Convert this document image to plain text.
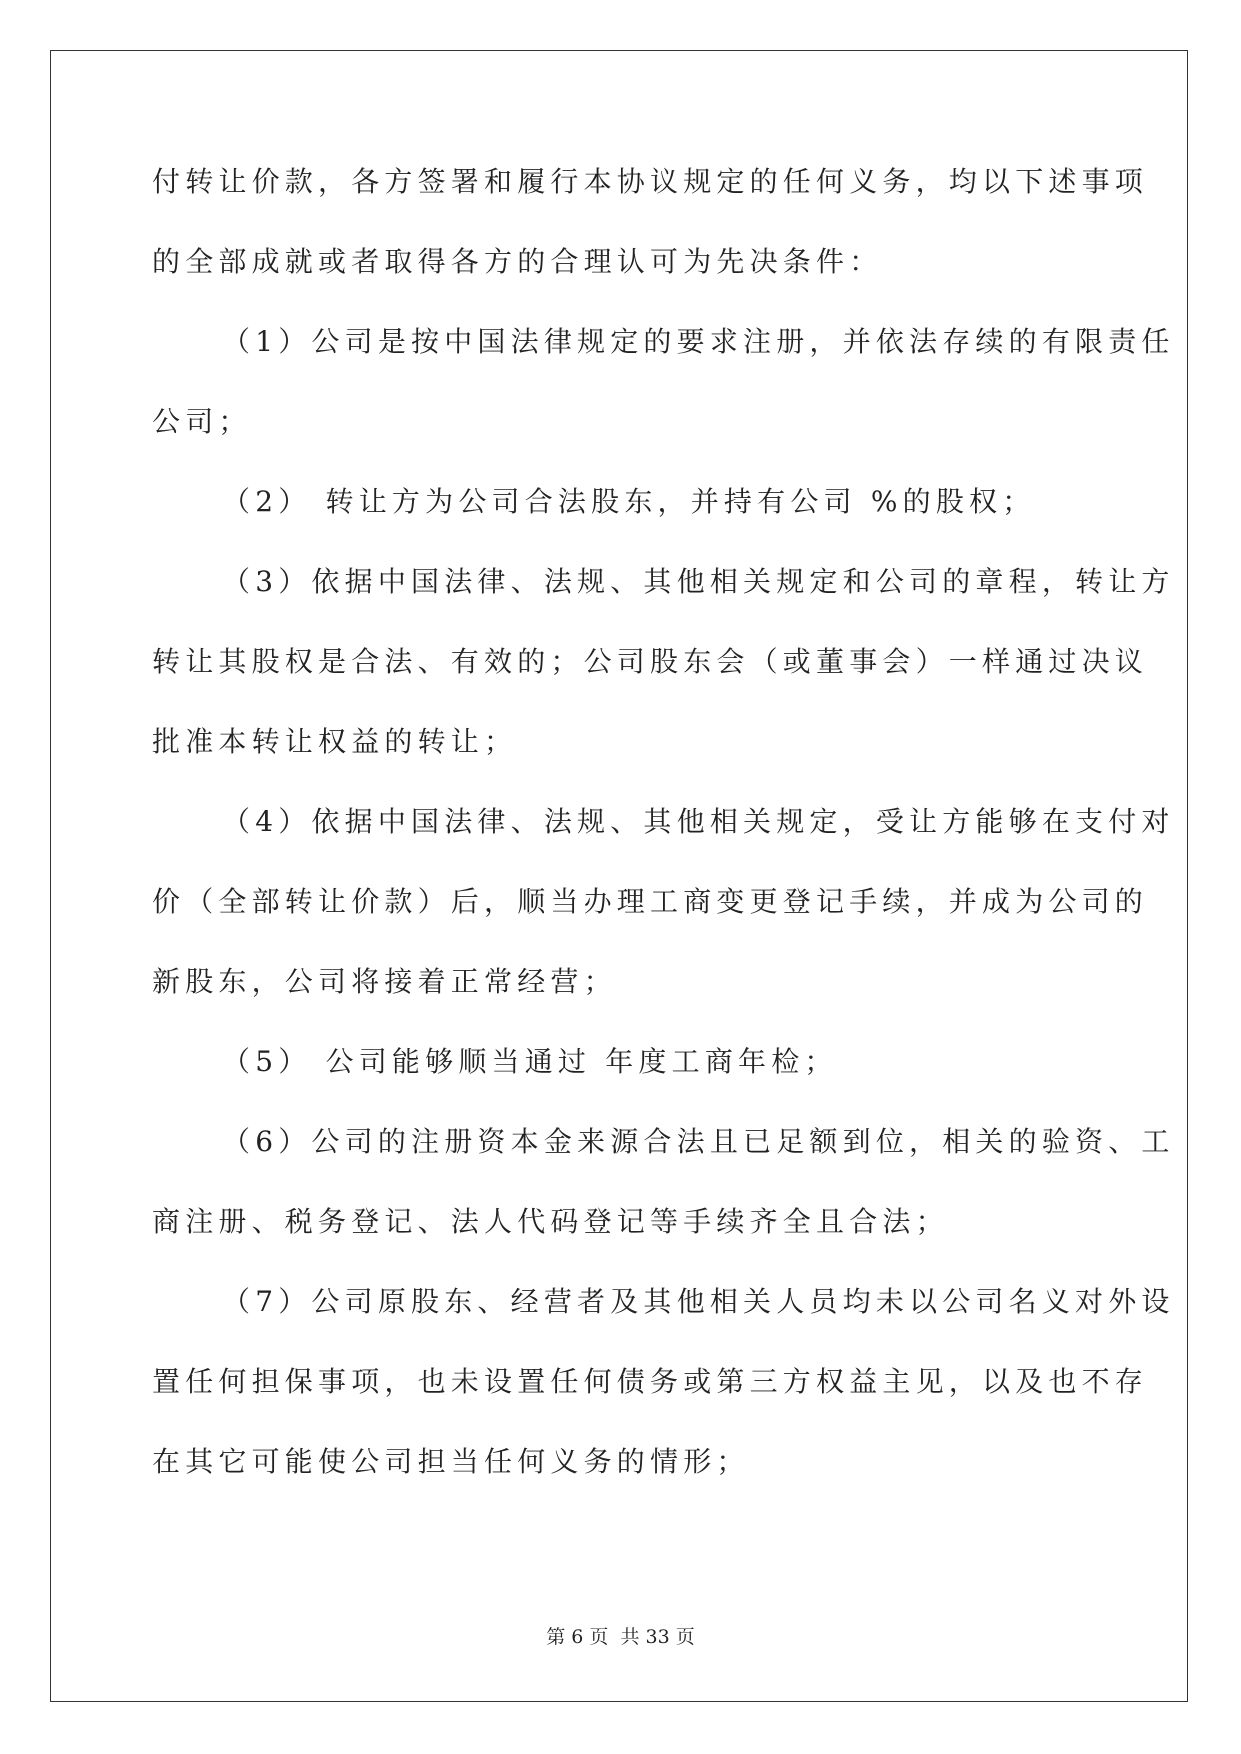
付转让价款，各方签署和履行本协议规定的任何义务，均以下述事项
的全部成就或者取得各方的合理认可为先决条件：
（1）公司是按中国法律规定的要求注册，并依法存续的有限责任
公司；
（2） 转让方为公司合法股东，并持有公司 %的股权；
（3）依据中国法律、法规、其他相关规定和公司的章程，转让方
转让其股权是合法、有效的；公司股东会（或董事会）一样通过决议
批准本转让权益的转让；
（4）依据中国法律、法规、其他相关规定，受让方能够在支付对
价（全部转让价款）后，顺当办理工商变更登记手续，并成为公司的
新股东，公司将接着正常经营；
（5） 公司能够顺当通过 年度工商年检；
（6）公司的注册资本金来源合法且已足额到位，相关的验资、工
商注册、税务登记、法人代码登记等手续齐全且合法；
（7）公司原股东、经营者及其他相关人员均未以公司名义对外设
置任何担保事项，也未设置任何债务或第三方权益主见，以及也不存
在其它可能使公司担当任何义务的情形；
第 6 页 共 33 页
